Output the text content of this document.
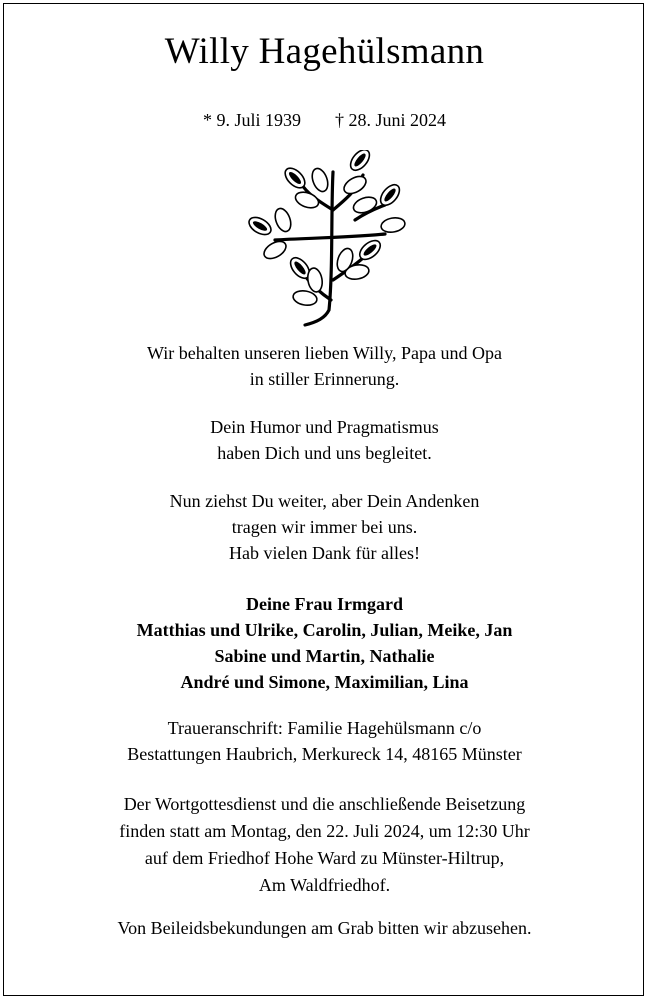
Willy Hagehülsmann
* 9. Juli 1939 † 28. Juni 2024
Wir behalten unseren lieben Willy, Papa und Opa
in stiller Erinnerung.
Dein Humor und Pragmatismus
haben Dich und uns begleitet.
Nun ziehst Du weiter, aber Dein Andenken
tragen wir immer bei uns.
Hab vielen Dank für alles!
Deine Frau Irmgard
Matthias und Ulrike, Carolin, Julian, Meike, Jan
Sabine und Martin, Nathalie
André und Simone, Maximilian, Lina
Traueranschrift: Familie Hagehülsmann c/o
Bestattungen Haubrich, Merkureck 14, 48165 Münster
Der Wortgottesdienst und die anschließende Beisetzung
finden statt am Montag, den 22. Juli 2024, um 12:30 Uhr
auf dem Friedhof Hohe Ward zu Münster-Hiltrup,
Am Waldfriedhof.
Von Beileidsbekundungen am Grab bitten wir abzusehen.
